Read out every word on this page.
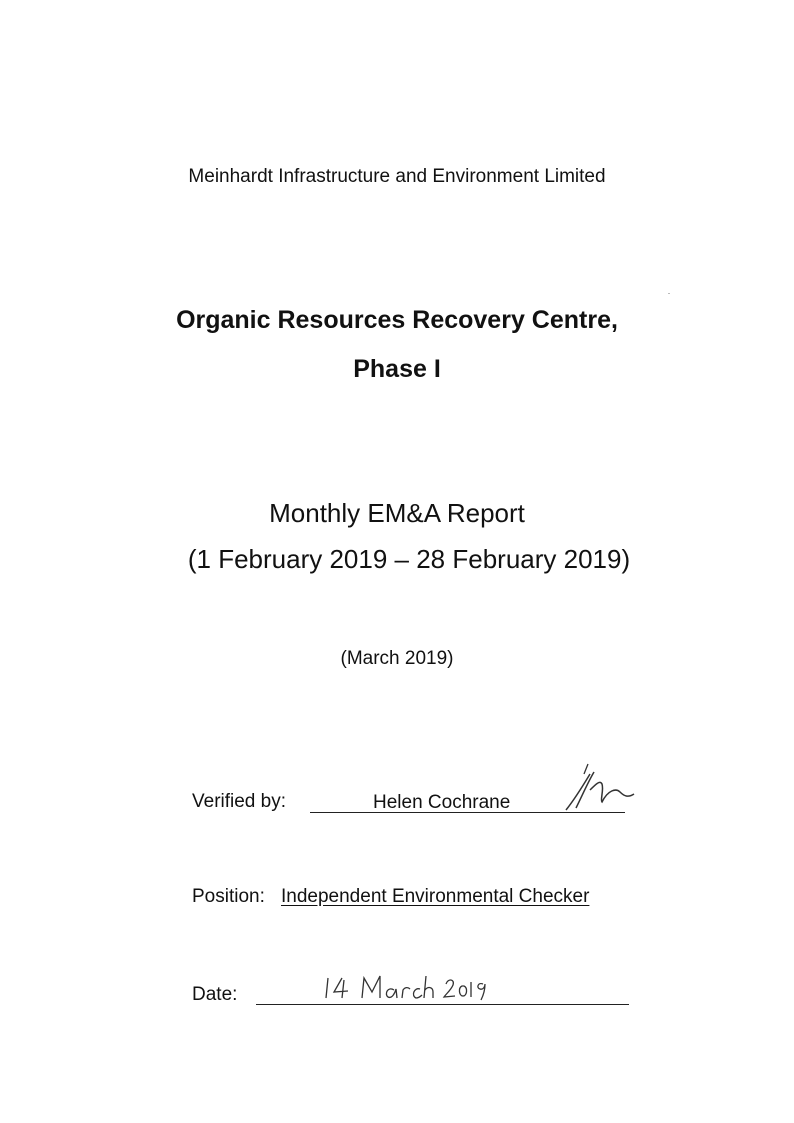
Meinhardt Infrastructure and Environment Limited
Organic Resources Recovery Centre,
Phase I
Monthly EM&A Report
(1 February 2019 – 28 February 2019)
(March 2019)
Verified by:	Helen Cochrane
Position: Independent Environmental Checker
Date:
